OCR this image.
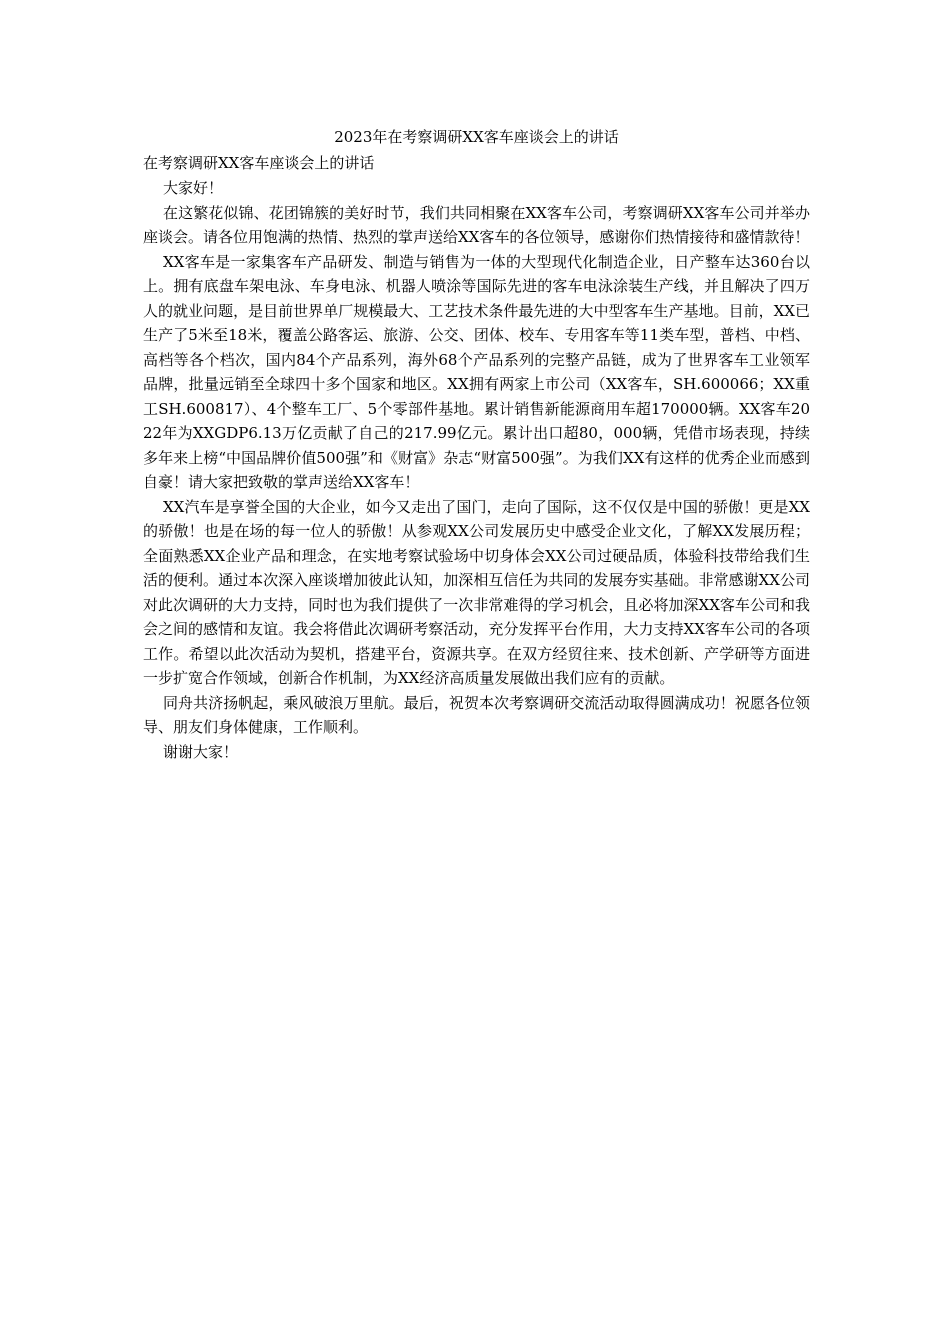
2023年在考察调研XX客车座谈会上的讲话

在考察调研XX客车座谈会上的讲话

大家好！

在这繁花似锦、花团锦簇的美好时节，我们共同相聚在XX客车公司，考察调研XX客车公司并举办座谈会。请各位用饱满的热情、热烈的掌声送给XX客车的各位领导，感谢你们热情接待和盛情款待！

XX客车是一家集客车产品研发、制造与销售为一体的大型现代化制造企业，日产整车达360台以上。拥有底盘车架电泳、车身电泳、机器人喷涂等国际先进的客车电泳涂装生产线，并且解决了四万人的就业问题，是目前世界单厂规模最大、工艺技术条件最先进的大中型客车生产基地。目前，XX已生产了5米至18米，覆盖公路客运、旅游、公交、团体、校车、专用客车等11类车型，普档、中档、高档等各个档次，国内84个产品系列，海外68个产品系列的完整产品链，成为了世界客车工业领军品牌，批量远销至全球四十多个国家和地区。XX拥有两家上市公司（XX客车，SH.600066；XX重工SH.600817）、4个整车工厂、5个零部件基地。累计销售新能源商用车超170000辆。XX客车2022年为XXGDP6.13万亿贡献了自己的217.99亿元。累计出口超80，000辆，凭借市场表现，持续多年来上榜“中国品牌价值500强”和《财富》杂志“财富500强”。为我们XX有这样的优秀企业而感到自豪！请大家把致敬的掌声送给XX客车！

XX汽车是享誉全国的大企业，如今又走出了国门，走向了国际，这不仅仅是中国的骄傲！更是XX的骄傲！也是在场的每一位人的骄傲！从参观XX公司发展历史中感受企业文化，了解XX发展历程；全面熟悉XX企业产品和理念，在实地考察试验场中切身体会XX公司过硬品质，体验科技带给我们生活的便利。通过本次深入座谈增加彼此认知，加深相互信任为共同的发展夯实基础。非常感谢XX公司对此次调研的大力支持，同时也为我们提供了一次非常难得的学习机会，且必将加深XX客车公司和我会之间的感情和友谊。我会将借此次调研考察活动，充分发挥平台作用，大力支持XX客车公司的各项工作。希望以此次活动为契机，搭建平台，资源共享。在双方经贸往来、技术创新、产学研等方面进一步扩宽合作领域，创新合作机制，为XX经济高质量发展做出我们应有的贡献。

同舟共济扬帆起，乘风破浪万里航。最后，祝贺本次考察调研交流活动取得圆满成功！祝愿各位领导、朋友们身体健康，工作顺利。

谢谢大家！
